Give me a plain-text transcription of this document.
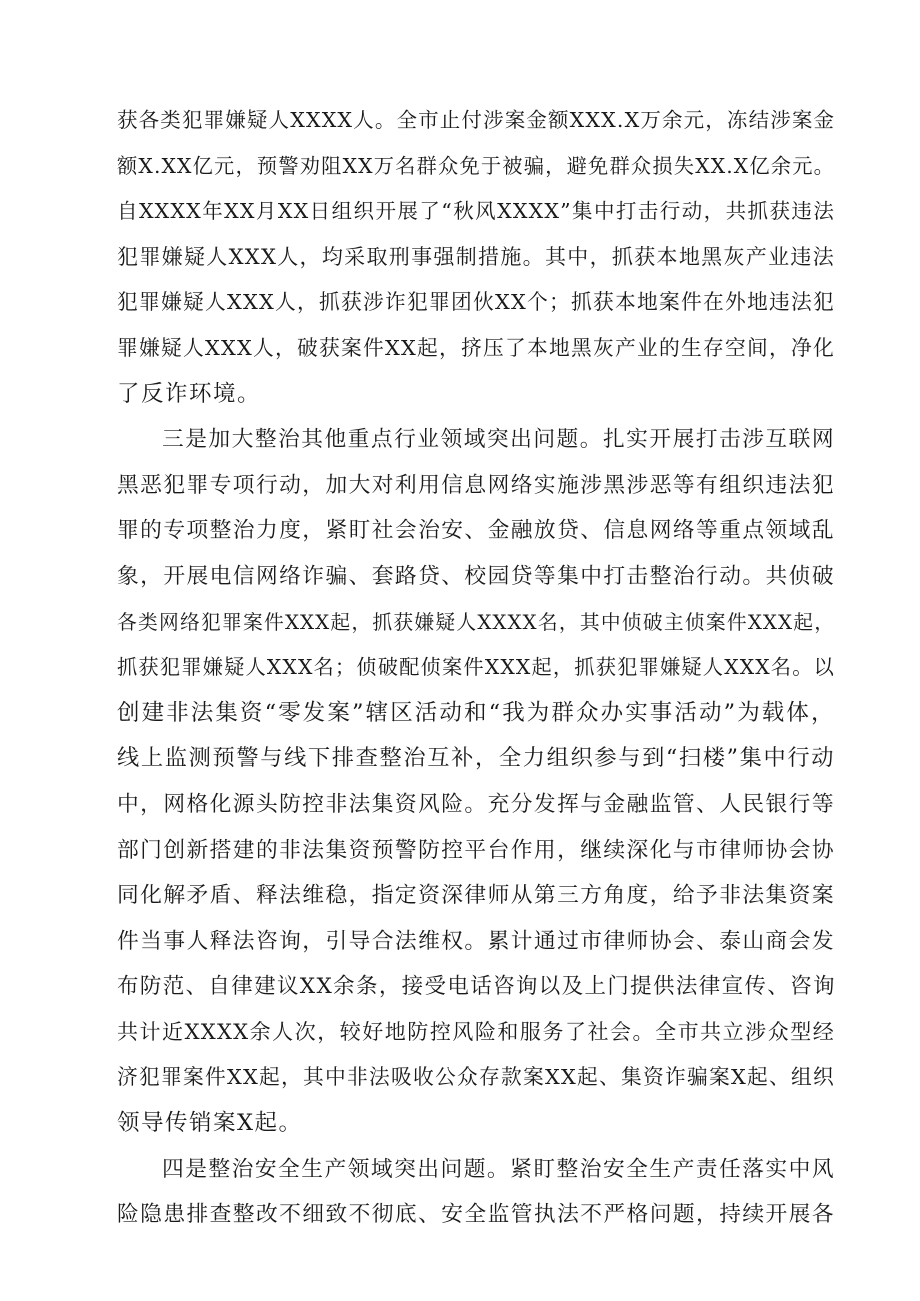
获各类犯罪嫌疑人XXXX人。全市止付涉案金额XXX.X万余元，冻结涉案金
额X.XX亿元，预警劝阻XX万名群众免于被骗，避免群众损失XX.X亿余元。
自XXXX年XX月XX日组织开展了“秋风XXXX”集中打击行动，共抓获违法
犯罪嫌疑人XXX人，均采取刑事强制措施。其中，抓获本地黑灰产业违法
犯罪嫌疑人XXX人，抓获涉诈犯罪团伙XX个；抓获本地案件在外地违法犯
罪嫌疑人XXX人，破获案件XX起，挤压了本地黑灰产业的生存空间，净化
了反诈环境。
三是加大整治其他重点行业领域突出问题。扎实开展打击涉互联网
黑恶犯罪专项行动，加大对利用信息网络实施涉黑涉恶等有组织违法犯
罪的专项整治力度，紧盯社会治安、金融放贷、信息网络等重点领域乱
象，开展电信网络诈骗、套路贷、校园贷等集中打击整治行动。共侦破
各类网络犯罪案件XXX起，抓获嫌疑人XXXX名，其中侦破主侦案件XXX起，
抓获犯罪嫌疑人XXX名；侦破配侦案件XXX起，抓获犯罪嫌疑人XXX名。以
创建非法集资“零发案”辖区活动和“我为群众办实事活动”为载体，
线上监测预警与线下排查整治互补，全力组织参与到“扫楼”集中行动
中，网格化源头防控非法集资风险。充分发挥与金融监管、人民银行等
部门创新搭建的非法集资预警防控平台作用，继续深化与市律师协会协
同化解矛盾、释法维稳，指定资深律师从第三方角度，给予非法集资案
件当事人释法咨询，引导合法维权。累计通过市律师协会、泰山商会发
布防范、自律建议XX余条，接受电话咨询以及上门提供法律宣传、咨询
共计近XXXX余人次，较好地防控风险和服务了社会。全市共立涉众型经
济犯罪案件XX起，其中非法吸收公众存款案XX起、集资诈骗案X起、组织
领导传销案X起。
四是整治安全生产领域突出问题。紧盯整治安全生产责任落实中风
险隐患排查整改不细致不彻底、安全监管执法不严格问题，持续开展各
